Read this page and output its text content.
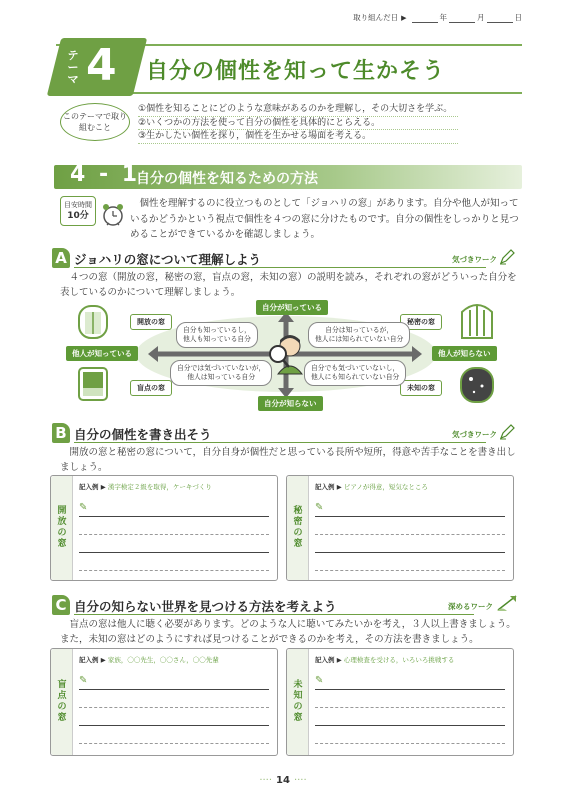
取り組んだ日 ▶	年	月	日
テーマ 4 自分の個性を知って生かそう
このテーマで取り組むこと
①個性を知ることにどのような意味があるのかを理解し，その大切さを学ぶ。
②いくつかの方法を使って自分の個性を具体的にとらえる。
③生かしたい個性を探り，個性を生かせる場面を考える。
4 - 1
自分の個性を知るための方法
目安時間
10分
個性を理解するのに役立つものとして「ジョハリの窓」があります。自分や他人が知っているかどうかという視点で個性を４つの窓に分けたものです。自分の個性をしっかりと見つめることができているかを確認しましょう。
A ジョハリの窓について理解しよう	気づきワーク
４つの窓（開放の窓，秘密の窓，盲点の窓，未知の窓）の説明を読み，それぞれの窓がどういった自分を表しているのかについて理解しましょう。
自分が知っている
自分が知らない
他人が知っている	他人が知らない
開放の窓	秘密の窓
盲点の窓	未知の窓
自分も知っているし，
他人も知っている自分
自分は知っているが，
他人には知られていない自分
自分では気づいていないが，
他人は知っている自分
自分でも気づいていないし，
他人にも知られていない自分
B 自分の個性を書き出そう	気づきワーク
開放の窓と秘密の窓について，自分自身が個性だと思っている長所や短所，得意や苦手なことを書き出しましょう。
開放の窓
記入例 ▶ 漢字検定２級を取得，ケーキづくり
✎	秘密の窓
記入例 ▶ ピアノが得意，短気なところ
✎
C 自分の知らない世界を見つける方法を考えよう	深めるワーク
盲点の窓は他人に聴く必要があります。どのような人に聴いてみたいかを考え，３人以上書きましょう。また，未知の窓はどのようにすれば見つけることができるのかを考え，その方法を書きましょう。
盲点の窓
記入例 ▶ 家族，〇〇先生，〇〇さん，〇〇先輩
✎	未知の窓
記入例 ▶ 心理検査を受ける，いろいろ挑戦する
✎
···· 14 ····
